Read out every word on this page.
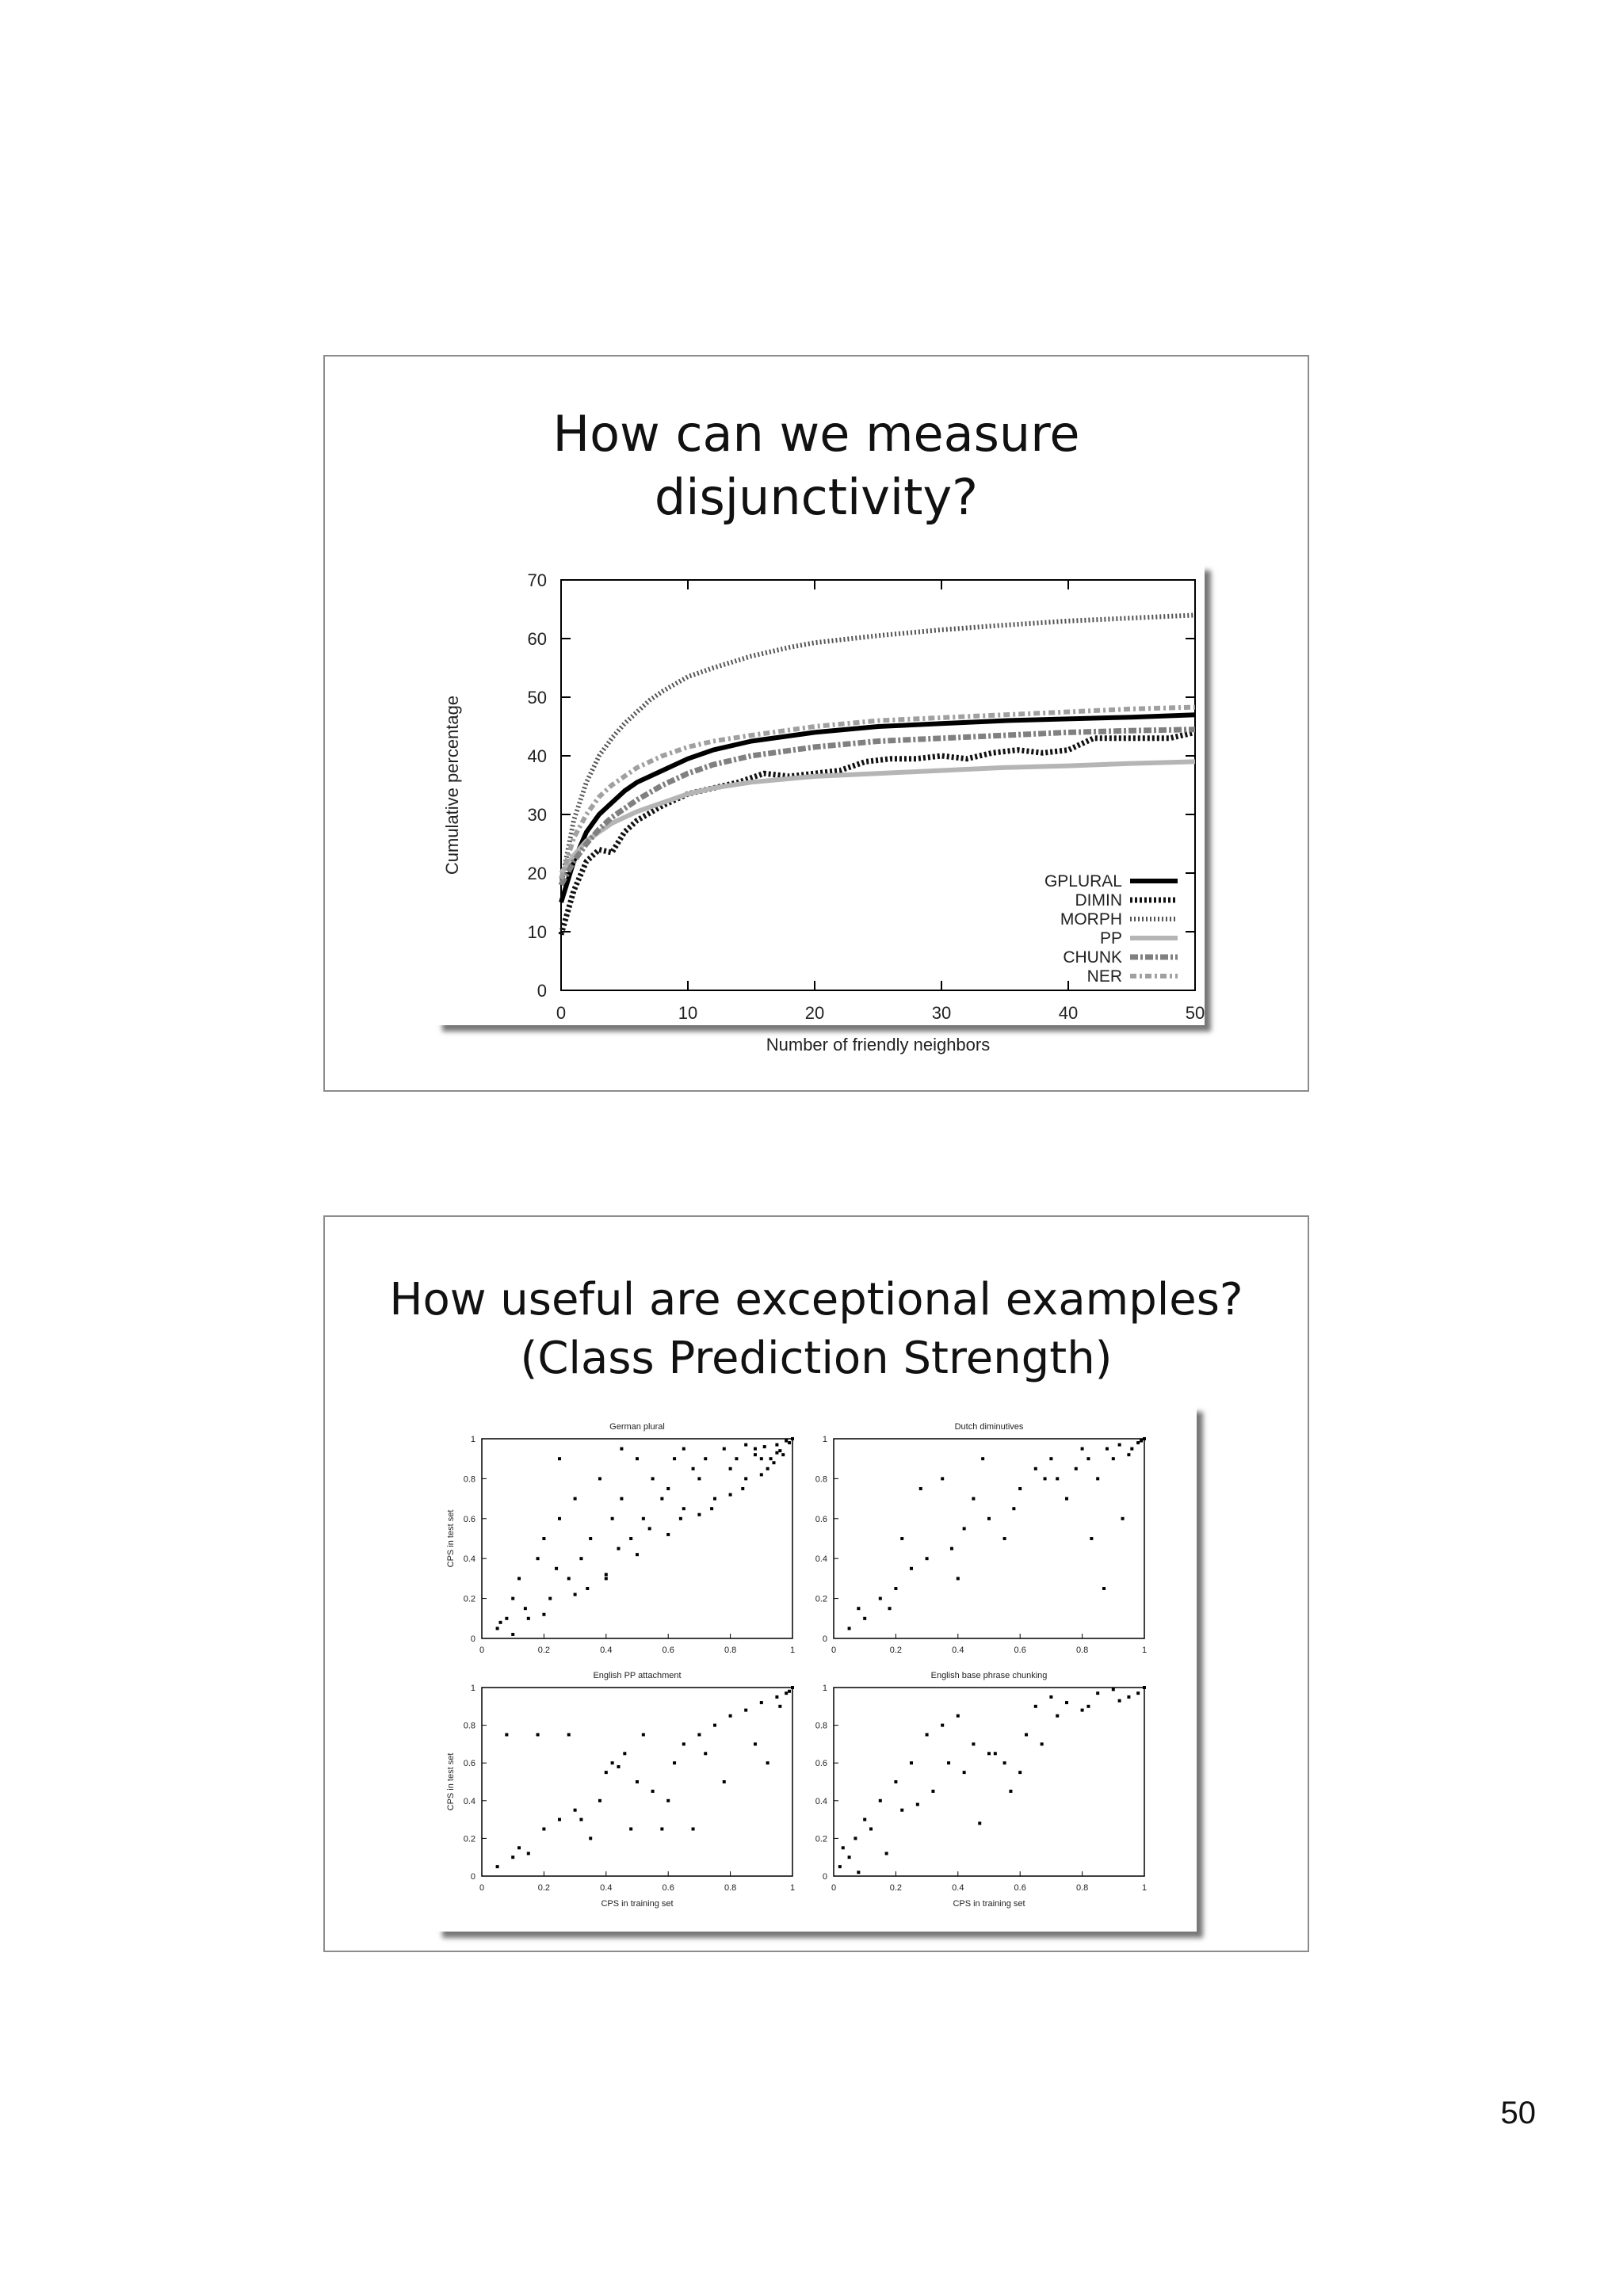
How can we measure
disjunctivity?
0
10
20
30
40
50
60
70
0	10	20	30	40	50
Number of friendly neighbors
Cumulative percentage
GPLURAL
DIMIN
MORPH
PP
CHUNK
NER
How useful are exceptional examples?
(Class Prediction Strength)
German plural
0
0.2
0.4
0.6
0.8
1
0	0.2	0.4	0.6	0.8	1
CPS in test set
Dutch diminutives
0
0.2
0.4
0.6
0.8
1
0	0.2	0.4	0.6	0.8	1
English PP attachment
0
0.2
0.4
0.6
0.8
1
0	0.2	0.4	0.6	0.8	1
CPS in test set
CPS in training set
English base phrase chunking
0
0.2
0.4
0.6
0.8
1
0	0.2	0.4	0.6	0.8	1
CPS in training set
50
